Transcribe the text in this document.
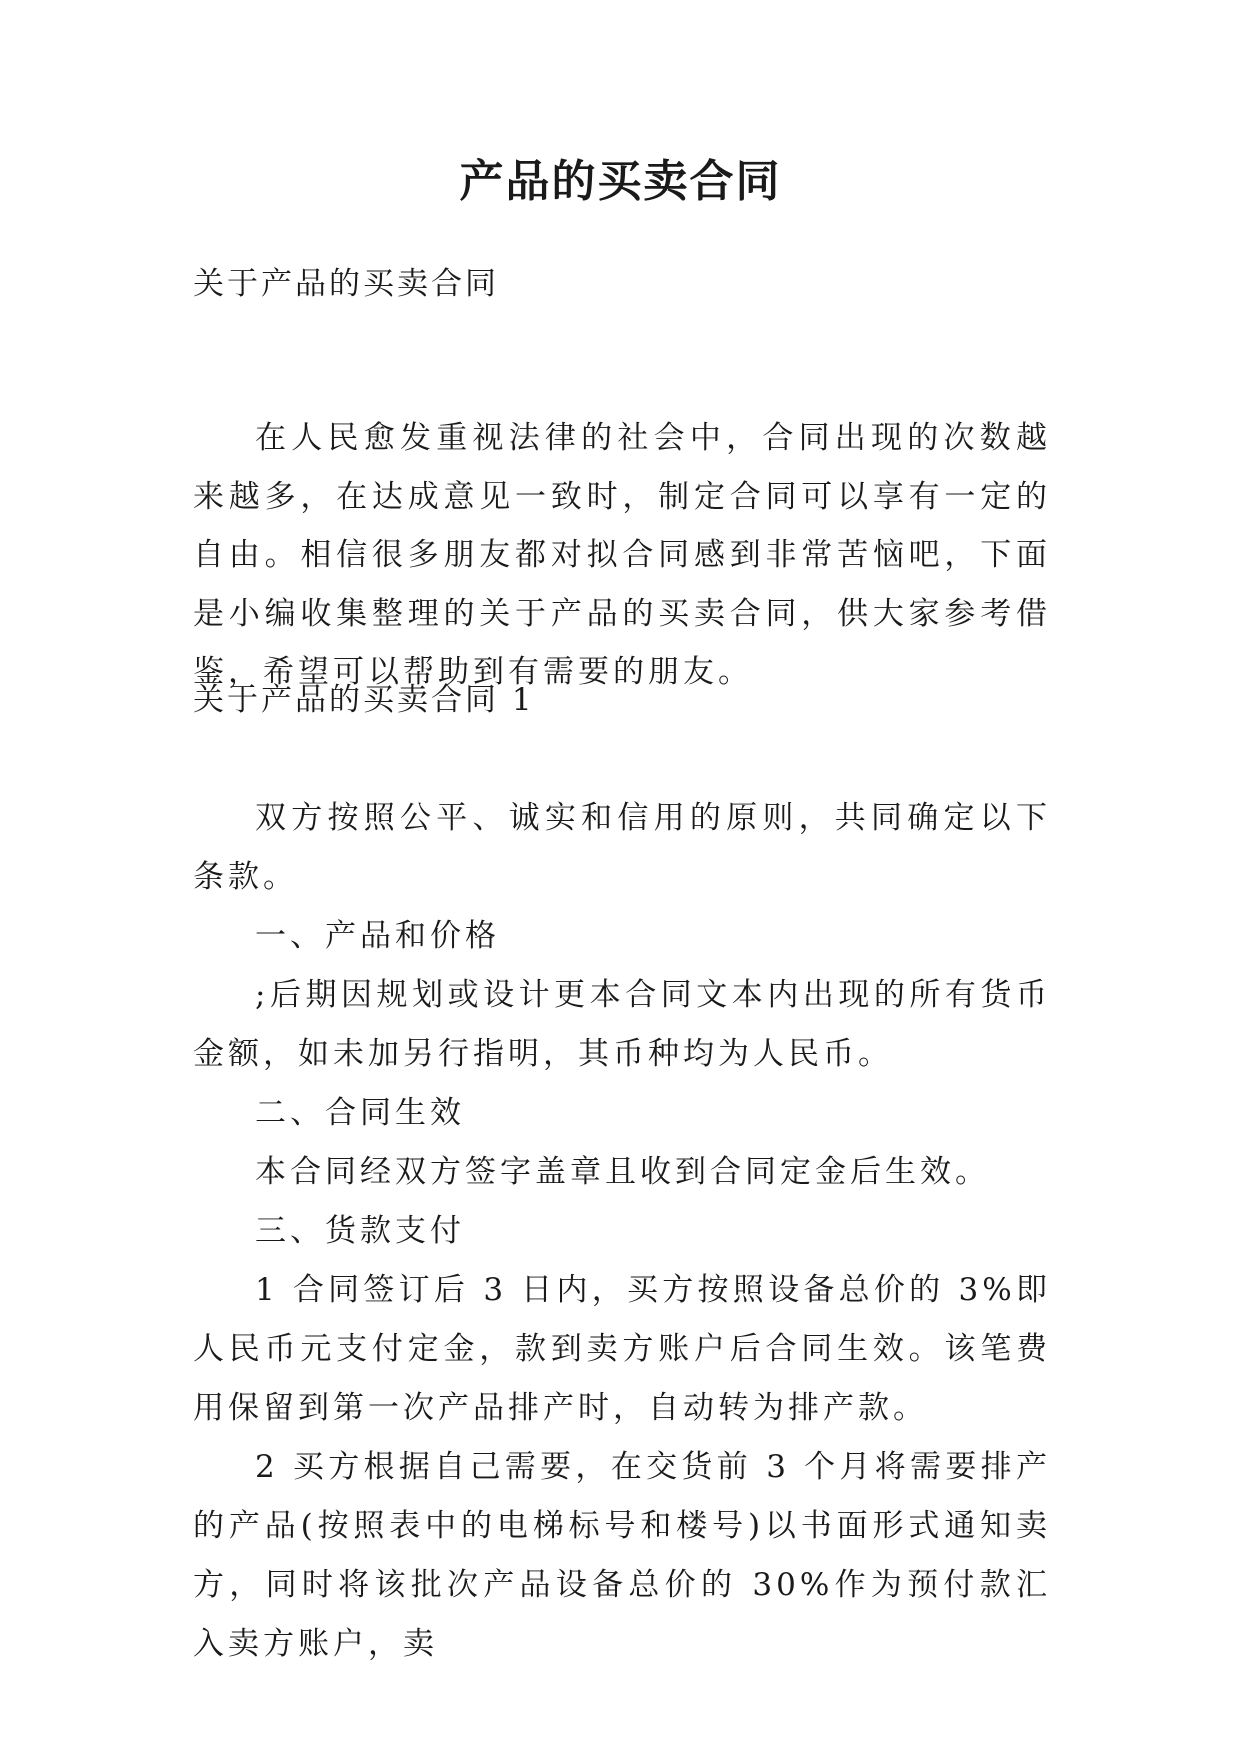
产品的买卖合同
关于产品的买卖合同

在人民愈发重视法律的社会中，合同出现的次数越来越多，在达成意见一致时，制定合同可以享有一定的自由。相信很多朋友都对拟合同感到非常苦恼吧，下面是小编收集整理的关于产品的买卖合同，供大家参考借鉴，希望可以帮助到有需要的朋友。

关于产品的买卖合同 1

双方按照公平、诚实和信用的原则，共同确定以下条款。

一、产品和价格

;后期因规划或设计更本合同文本内出现的所有货币金额，如未加另行指明，其币种均为人民币。

二、合同生效

本合同经双方签字盖章且收到合同定金后生效。

三、货款支付

1 合同签订后 3 日内，买方按照设备总价的 3%即人民币元支付定金，款到卖方账户后合同生效。该笔费用保留到第一次产品排产时，自动转为排产款。

2 买方根据自己需要，在交货前 3 个月将需要排产的产品(按照表中的电梯标号和楼号)以书面形式通知卖方，同时将该批次产品设备总价的 30%作为预付款汇入卖方账户，卖
